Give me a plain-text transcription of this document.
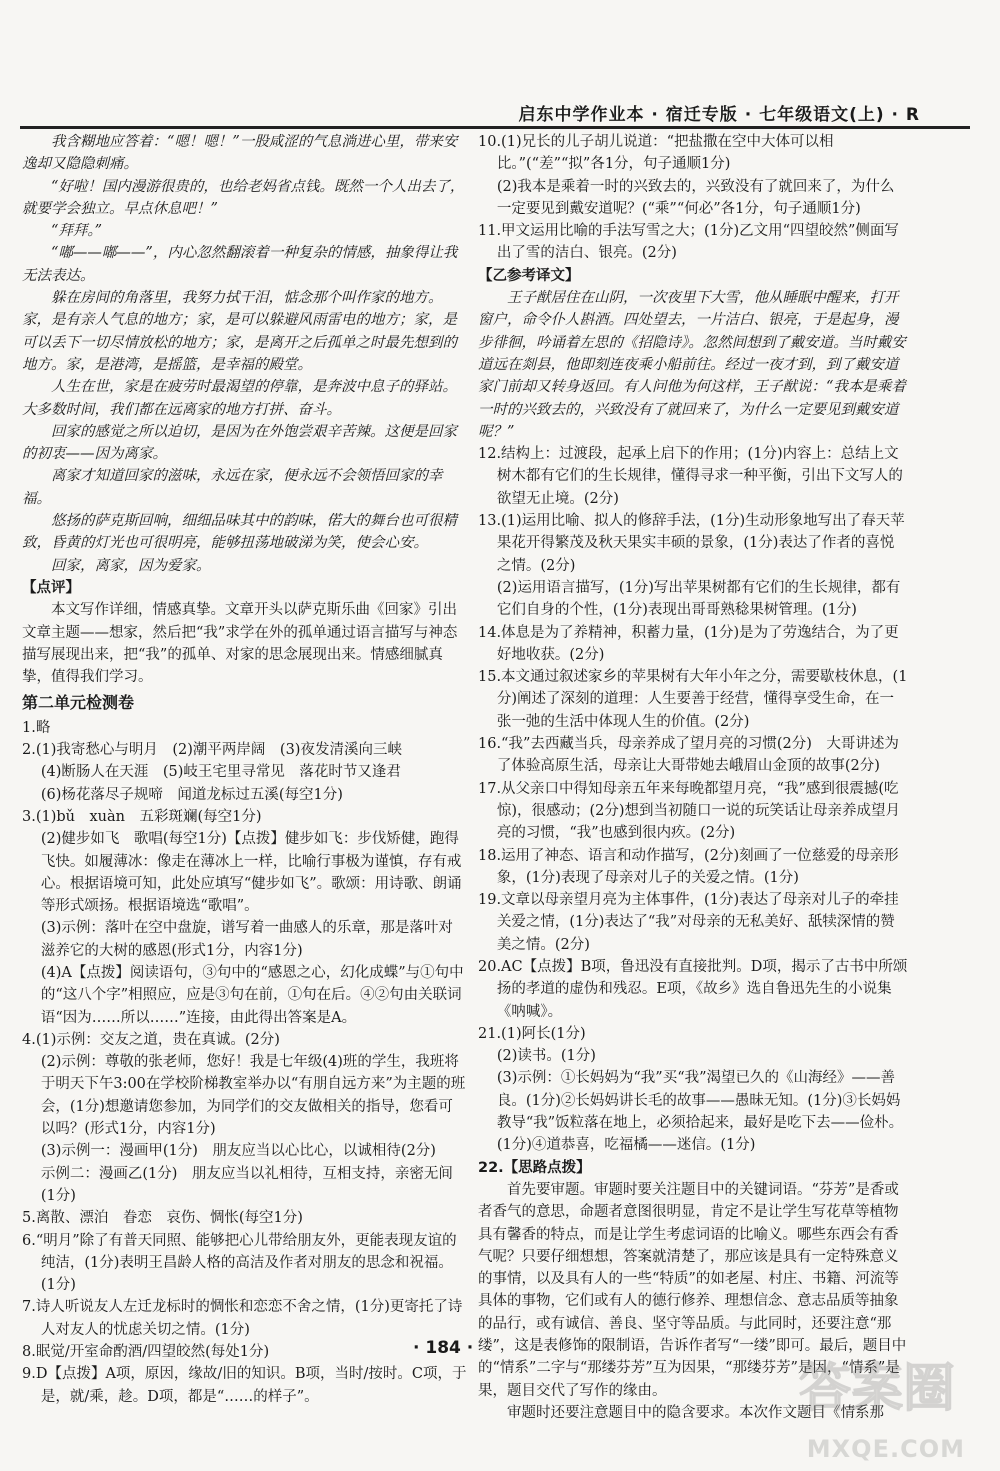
启东中学作业本 · 宿迁专版 · 七年级语文(上) · R

我含糊地应答着：“嗯！嗯！”一股咸涩的气息淌进心里，带来安逸却又隐隐刺痛。

“好啦！国内漫游很贵的，也给老妈省点钱。既然一个人出去了，就要学会独立。早点休息吧！”

“拜拜。”

“嘟——嘟——”，内心忽然翻滚着一种复杂的情感，抽象得让我无法表达。

躲在房间的角落里，我努力拭干泪，惦念那个叫作家的地方。家，是有亲人气息的地方；家，是可以躲避风雨雷电的地方；家，是可以丢下一切尽情放松的地方；家，是离开之后孤单之时最先想到的地方。家，是港湾，是摇篮，是幸福的殿堂。

人生在世，家是在疲劳时最渴望的停靠，是奔波中息子的驿站。大多数时间，我们都在远离家的地方打拼、奋斗。

回家的感觉之所以迫切，是因为在外饱尝艰辛苦辣。这便是回家的初衷——因为离家。

离家才知道回家的滋味，永远在家，便永远不会领悟回家的幸福。

悠扬的萨克斯回响，细细品味其中的韵味，偌大的舞台也可很精致，昏黄的灯光也可很明亮，能够扭荡地破涕为笑，使会心安。

回家，离家，因为爱家。

【点评】

本文写作详细，情感真挚。文章开头以萨克斯乐曲《回家》引出文章主题——想家，然后把“我”求学在外的孤单通过语言描写与神态描写展现出来，把“我”的孤单、对家的思念展现出来。情感细腻真挚，值得我们学习。

第二单元检测卷

1.略

2.(1)我寄愁心与明月　(2)潮平两岸阔　(3)夜发清溪向三峡

(4)断肠人在天涯　(5)岐王宅里寻常见　落花时节又逢君

(6)杨花落尽子规啼　闻道龙标过五溪(每空1分)

3.(1)bǔ　xuàn　五彩斑斓(每空1分)

(2)健步如飞　歌唱(每空1分)【点拨】健步如飞：步伐矫健，跑得飞快。如履薄冰：像走在薄冰上一样，比喻行事极为谨慎，存有戒心。根据语境可知，此处应填写“健步如飞”。歌颂：用诗歌、朗诵等形式颂扬。根据语境选“歌唱”。

(3)示例：落叶在空中盘旋，谱写着一曲感人的乐章，那是落叶对滋养它的大树的感恩(形式1分，内容1分)

(4)A【点拨】阅读语句，③句中的“感恩之心，幻化成蝶”与①句中的“这八个字”相照应，应是③句在前，①句在后。④②句由关联词语“因为……所以……”连接，由此得出答案是A。

4.(1)示例：交友之道，贵在真诚。(2分)

(2)示例：尊敬的张老师，您好！我是七年级(4)班的学生，我班将于明天下午3:00在学校阶梯教室举办以“有朋自远方来”为主题的班会，(1分)想邀请您参加，为同学们的交友做相关的指导，您看可以吗？(形式1分，内容1分)

(3)示例一：漫画甲(1分)　朋友应当以心比心，以诚相待(2分)

示例二：漫画乙(1分)　朋友应当以礼相待，互相支持，亲密无间(1分)

5.离散、漂泊　眷恋　哀伤、惆怅(每空1分)

6.“明月”除了有普天同照、能够把心儿带给朋友外，更能表现友谊的纯洁，(1分)表明王昌龄人格的高洁及作者对朋友的思念和祝福。(1分)

7.诗人听说友人左迁龙标时的惆怅和恋恋不舍之情，(1分)更寄托了诗人对友人的忧虑关切之情。(1分)

8.眠觉/开室命酌酒/四望皎然(每处1分)

9.D【点拨】A项，原因，缘故/旧的知识。B项，当时/按时。C项，于是，就/乘，趁。D项，都是“……的样子”。

10.(1)兄长的儿子胡儿说道：“把盐撒在空中大体可以相比。”(“差”“拟”各1分，句子通顺1分)

(2)我本是乘着一时的兴致去的，兴致没有了就回来了，为什么一定要见到戴安道呢？(“乘”“何必”各1分，句子通顺1分)

11.甲文运用比喻的手法写雪之大；(1分)乙文用“四望皎然”侧面写出了雪的洁白、银亮。(2分)

【乙参考译文】

王子猷居住在山阴，一次夜里下大雪，他从睡眠中醒来，打开窗户，命令仆人斟酒。四处望去，一片洁白、银亮，于是起身，漫步徘徊，吟诵着左思的《招隐诗》。忽然间想到了戴安道。当时戴安道远在剡县，他即刻连夜乘小船前往。经过一夜才到，到了戴安道家门前却又转身返回。有人问他为何这样，王子猷说：“我本是乘着一时的兴致去的，兴致没有了就回来了，为什么一定要见到戴安道呢？”

12.结构上：过渡段，起承上启下的作用；(1分)内容上：总结上文树木都有它们的生长规律，懂得寻求一种平衡，引出下文写人的欲望无止境。(2分)

13.(1)运用比喻、拟人的修辞手法，(1分)生动形象地写出了春天苹果花开得繁茂及秋天果实丰硕的景象，(1分)表达了作者的喜悦之情。(2分)

(2)运用语言描写，(1分)写出苹果树都有它们的生长规律，都有它们自身的个性，(1分)表现出哥哥熟稔果树管理。(1分)

14.体息是为了养精神，积蓄力量，(1分)是为了劳逸结合，为了更好地收获。(2分)

15.本文通过叙述家乡的苹果树有大年小年之分，需要歇枝休息，(1分)阐述了深刻的道理：人生要善于经营，懂得享受生命，在一张一弛的生活中体现人生的价值。(2分)

16.“我”去西藏当兵，母亲养成了望月亮的习惯(2分)　大哥讲述为了体验高原生活，母亲让大哥带她去峨眉山金顶的故事(2分)

17.从父亲口中得知母亲五年来每晚都望月亮，“我”感到很震撼(吃惊)，很感动；(2分)想到当初随口一说的玩笑话让母亲养成望月亮的习惯，“我”也感到很内疚。(2分)

18.运用了神态、语言和动作描写，(2分)刻画了一位慈爱的母亲形象，(1分)表现了母亲对儿子的关爱之情。(1分)

19.文章以母亲望月亮为主体事件，(1分)表达了母亲对儿子的牵挂关爱之情，(1分)表达了“我”对母亲的无私美好、舐犊深情的赞美之情。(2分)

20.AC【点拨】B项，鲁迅没有直接批判。D项，揭示了古书中所颂扬的孝道的虚伪和残忍。E项，《故乡》选自鲁迅先生的小说集《呐喊》。

21.(1)阿长(1分)

(2)读书。(1分)

(3)示例：①长妈妈为“我”买“我”渴望已久的《山海经》——善良。(1分)②长妈妈讲长毛的故事——愚昧无知。(1分)③长妈妈教导“我”饭粒落在地上，必须拾起来，最好是吃下去——俭朴。(1分)④道恭喜，吃福橘——迷信。(1分)

22.【思路点拨】

首先要审题。审题时要关注题目中的关键词语。“芬芳”是香或者香气的意思，命题者意图很明显，肯定不是让学生写花草等植物具有馨香的特点，而是让学生考虑词语的比喻义。哪些东西会有香气呢？只要仔细想想，答案就清楚了，那应该是具有一定特殊意义的事情，以及具有人的一些“特质”的如老屋、村庄、书籍、河流等具体的事物，它们或有人的德行修养、理想信念、意志品质等抽象的品行，或有诚信、善良、坚守等品质。与此同时，还要注意“那缕”，这是表修饰的限制语，告诉作者写“一缕”即可。最后，题目中的“情系”二字与“那缕芬芳”互为因果，“那缕芬芳”是因，“情系”是果，题目交代了写作的缘由。

审题时还要注意题目中的隐含要求。本次作文题目《情系那

· 184 ·
答案圈
MXQE.COM
